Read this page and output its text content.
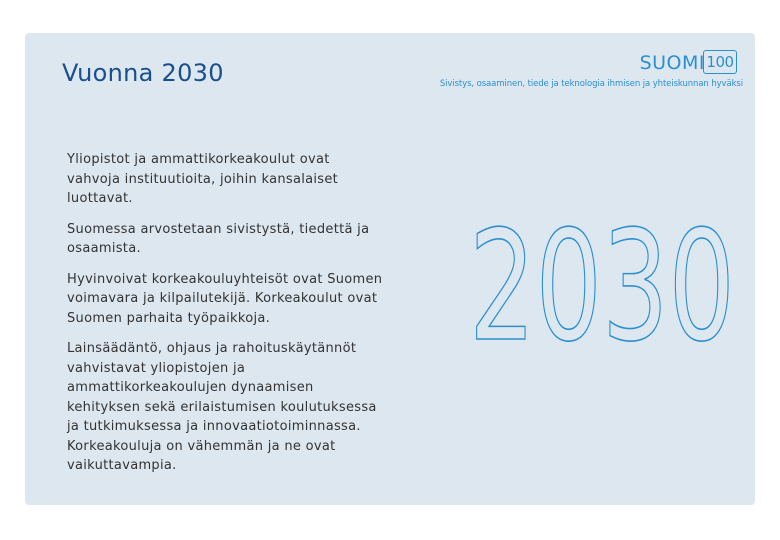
Vuonna 2030	SUOMI 100
Sivistys, osaaminen, tiede ja teknologia ihmisen ja yhteiskunnan hyväksi

Yliopistot ja ammattikorkeakoulut ovat vahvoja instituutioita, joihin kansalaiset luottavat.

Suomessa arvostetaan sivistystä, tiedettä ja osaamista.

Hyvinvoivat korkeakouluyhteisöt ovat Suomen voimavara ja kilpailutekijä. Korkeakoulut ovat Suomen parhaita työpaikkoja.

Lainsäädäntö, ohjaus ja rahoituskäytännöt vahvistavat yliopistojen ja ammattikorkeakoulujen dynaamisen kehityksen sekä erilaistumisen koulutuksessa ja tutkimuksessa ja innovaatiotoiminnassa. Korkeakouluja on vähemmän ja ne ovat vaikuttavampia.

2030
